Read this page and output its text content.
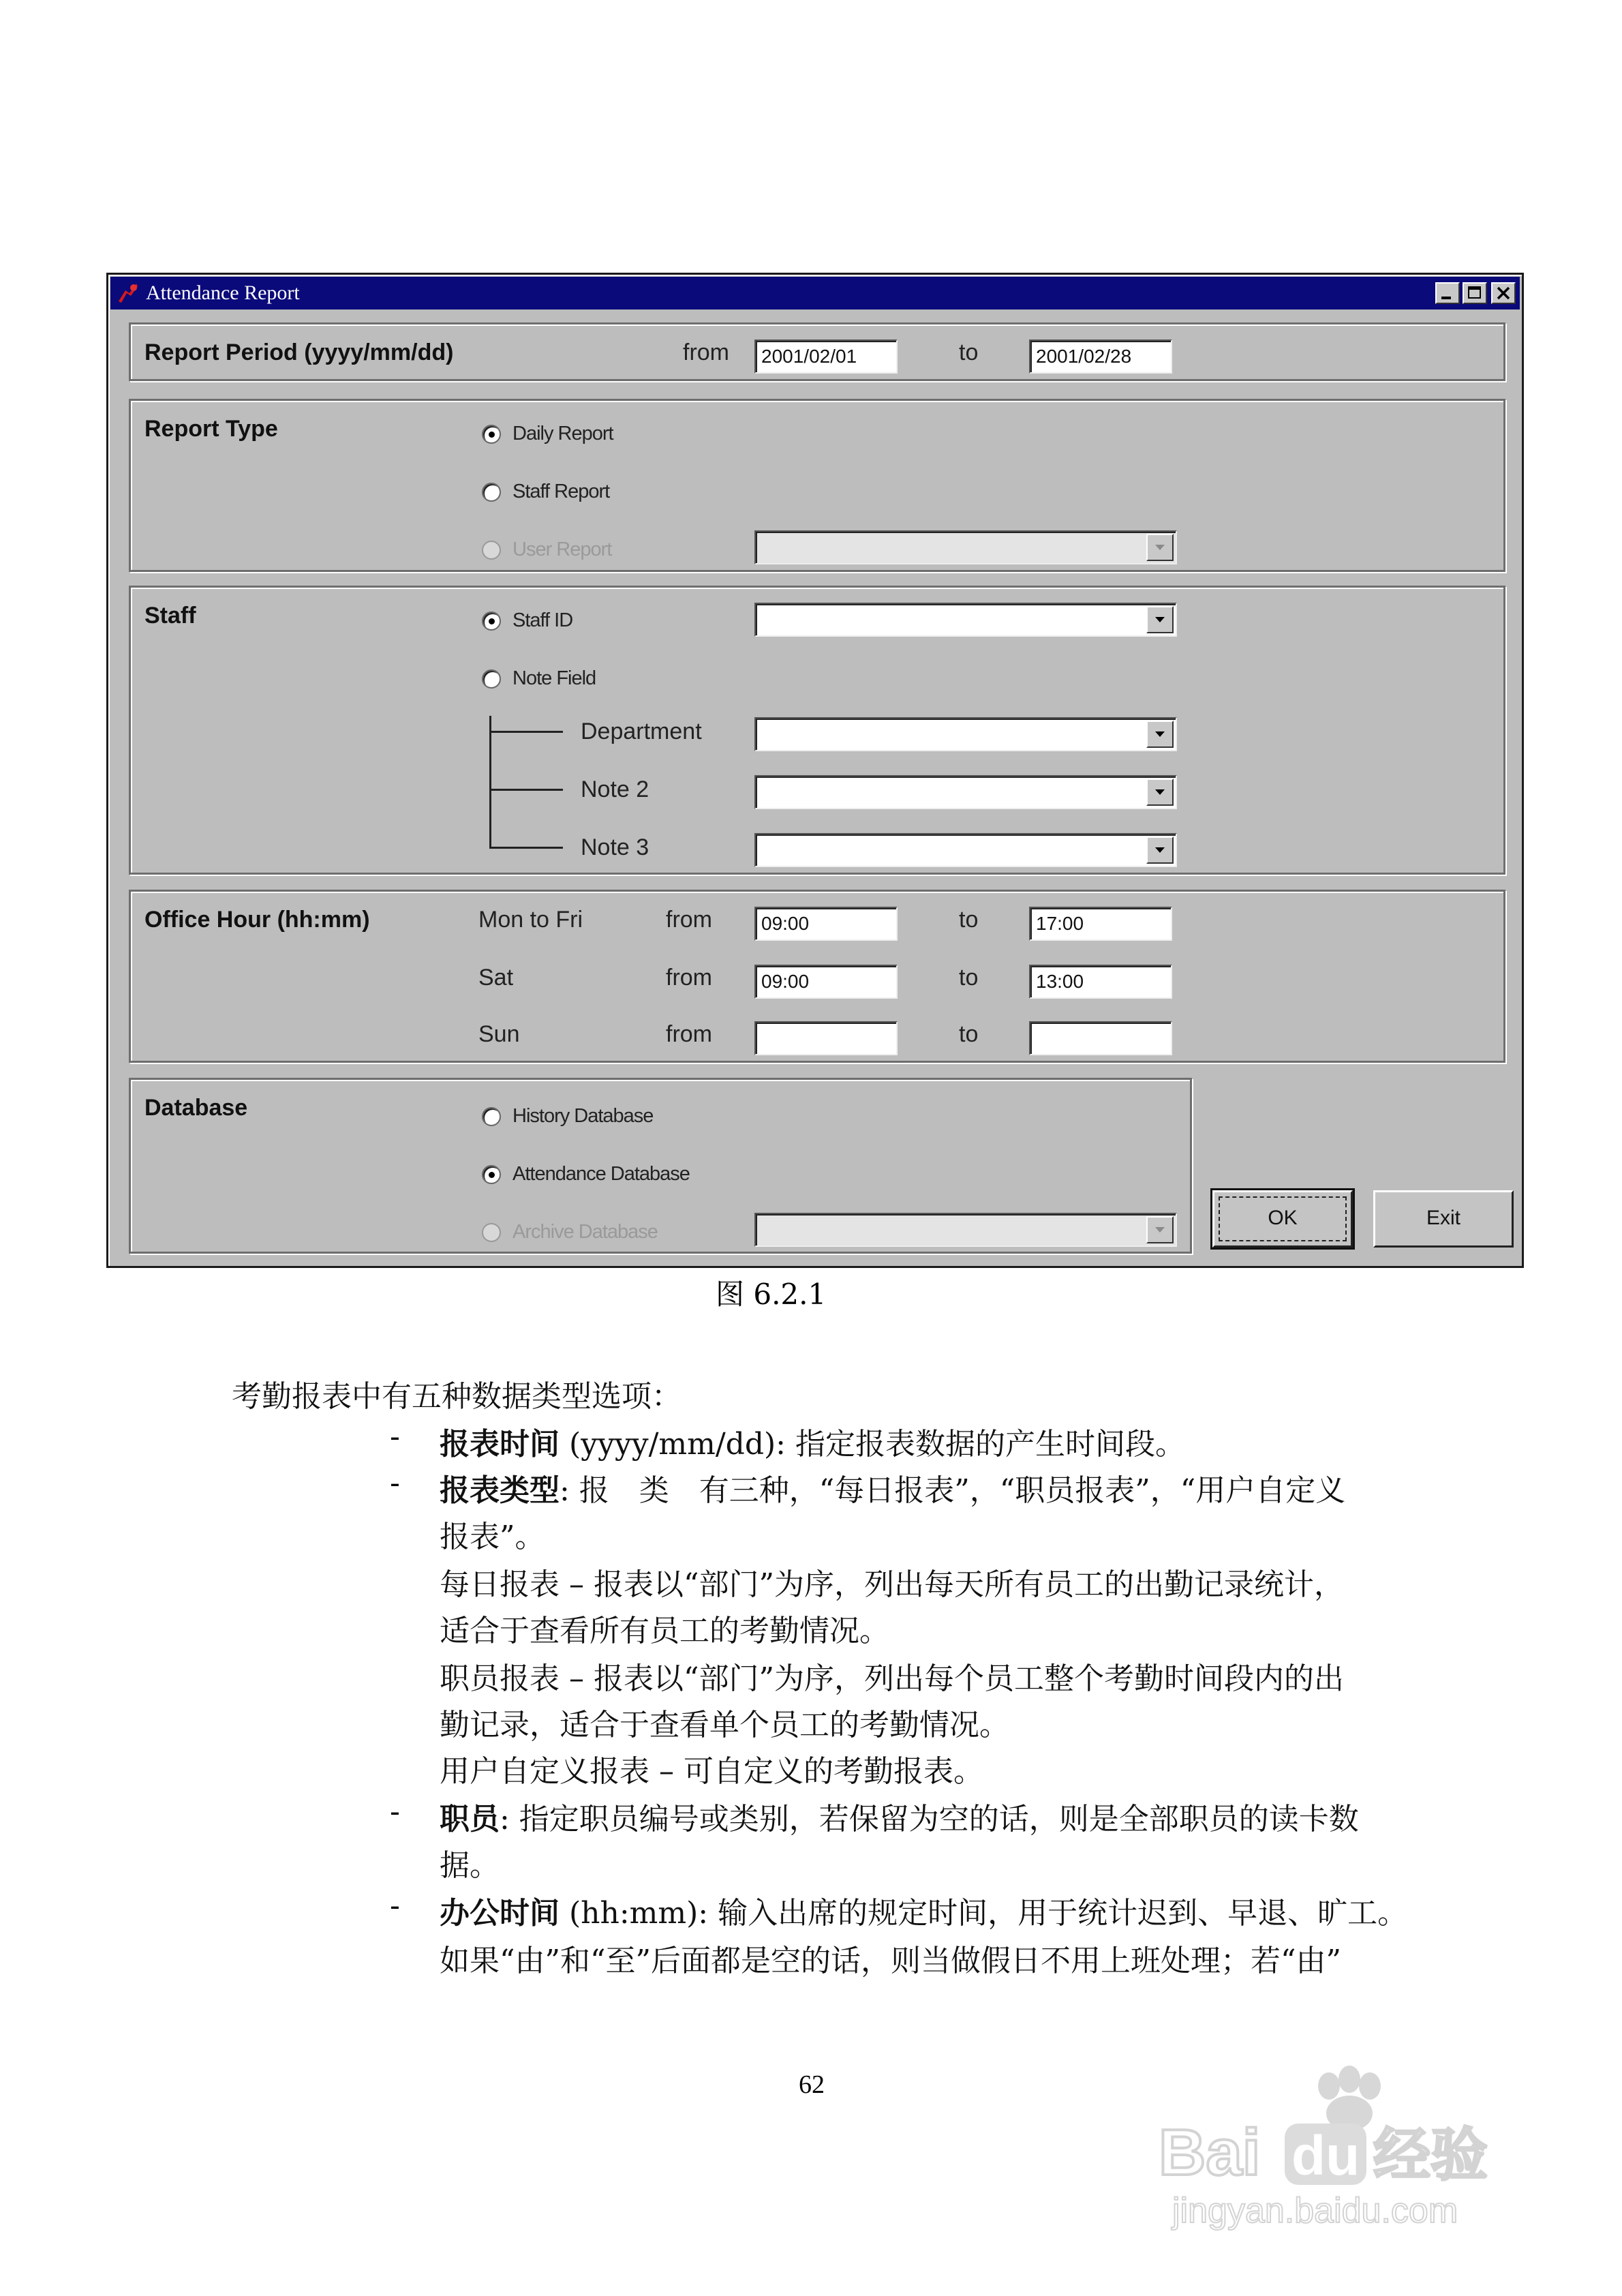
Attendance Report
Report Period (yyyy/mm/dd)	from	2001/02/01	to	2001/02/28
Report Type	Daily Report
Staff Report
User Report
Staff	Staff ID
Note Field
Department
Note 2
Note 3
Office Hour (hh:mm)	Mon to Fri	from	09:00	to	17:00
Sat	from	09:00	to	13:00
Sun	from	to
Database	History Database
Attendance Database
Archive Database
OK	Exit
图 6.2.1
考勤报表中有五种数据类型选项：
- 报表时间 (yyyy/mm/dd): 指定报表数据的产生时间段。
- 报表类型: 报　类　有三种，“每日报表”，“职员报表”，“用户自定义
报表”。
每日报表 – 报表以“部门”为序，列出每天所有员工的出勤记录统计，
适合于查看所有员工的考勤情况。
职员报表 – 报表以“部门”为序，列出每个员工整个考勤时间段内的出
勤记录，适合于查看单个员工的考勤情况。
用户自定义报表 – 可自定义的考勤报表。
- 职员: 指定职员编号或类别，若保留为空的话，则是全部职员的读卡数
据。
- 办公时间 (hh:mm): 输入出席的规定时间，用于统计迟到、早退、旷工。
如果“由”和“至”后面都是空的话，则当做假日不用上班处理；若“由”
62
Bai du 经验
jingyan.baidu.com
